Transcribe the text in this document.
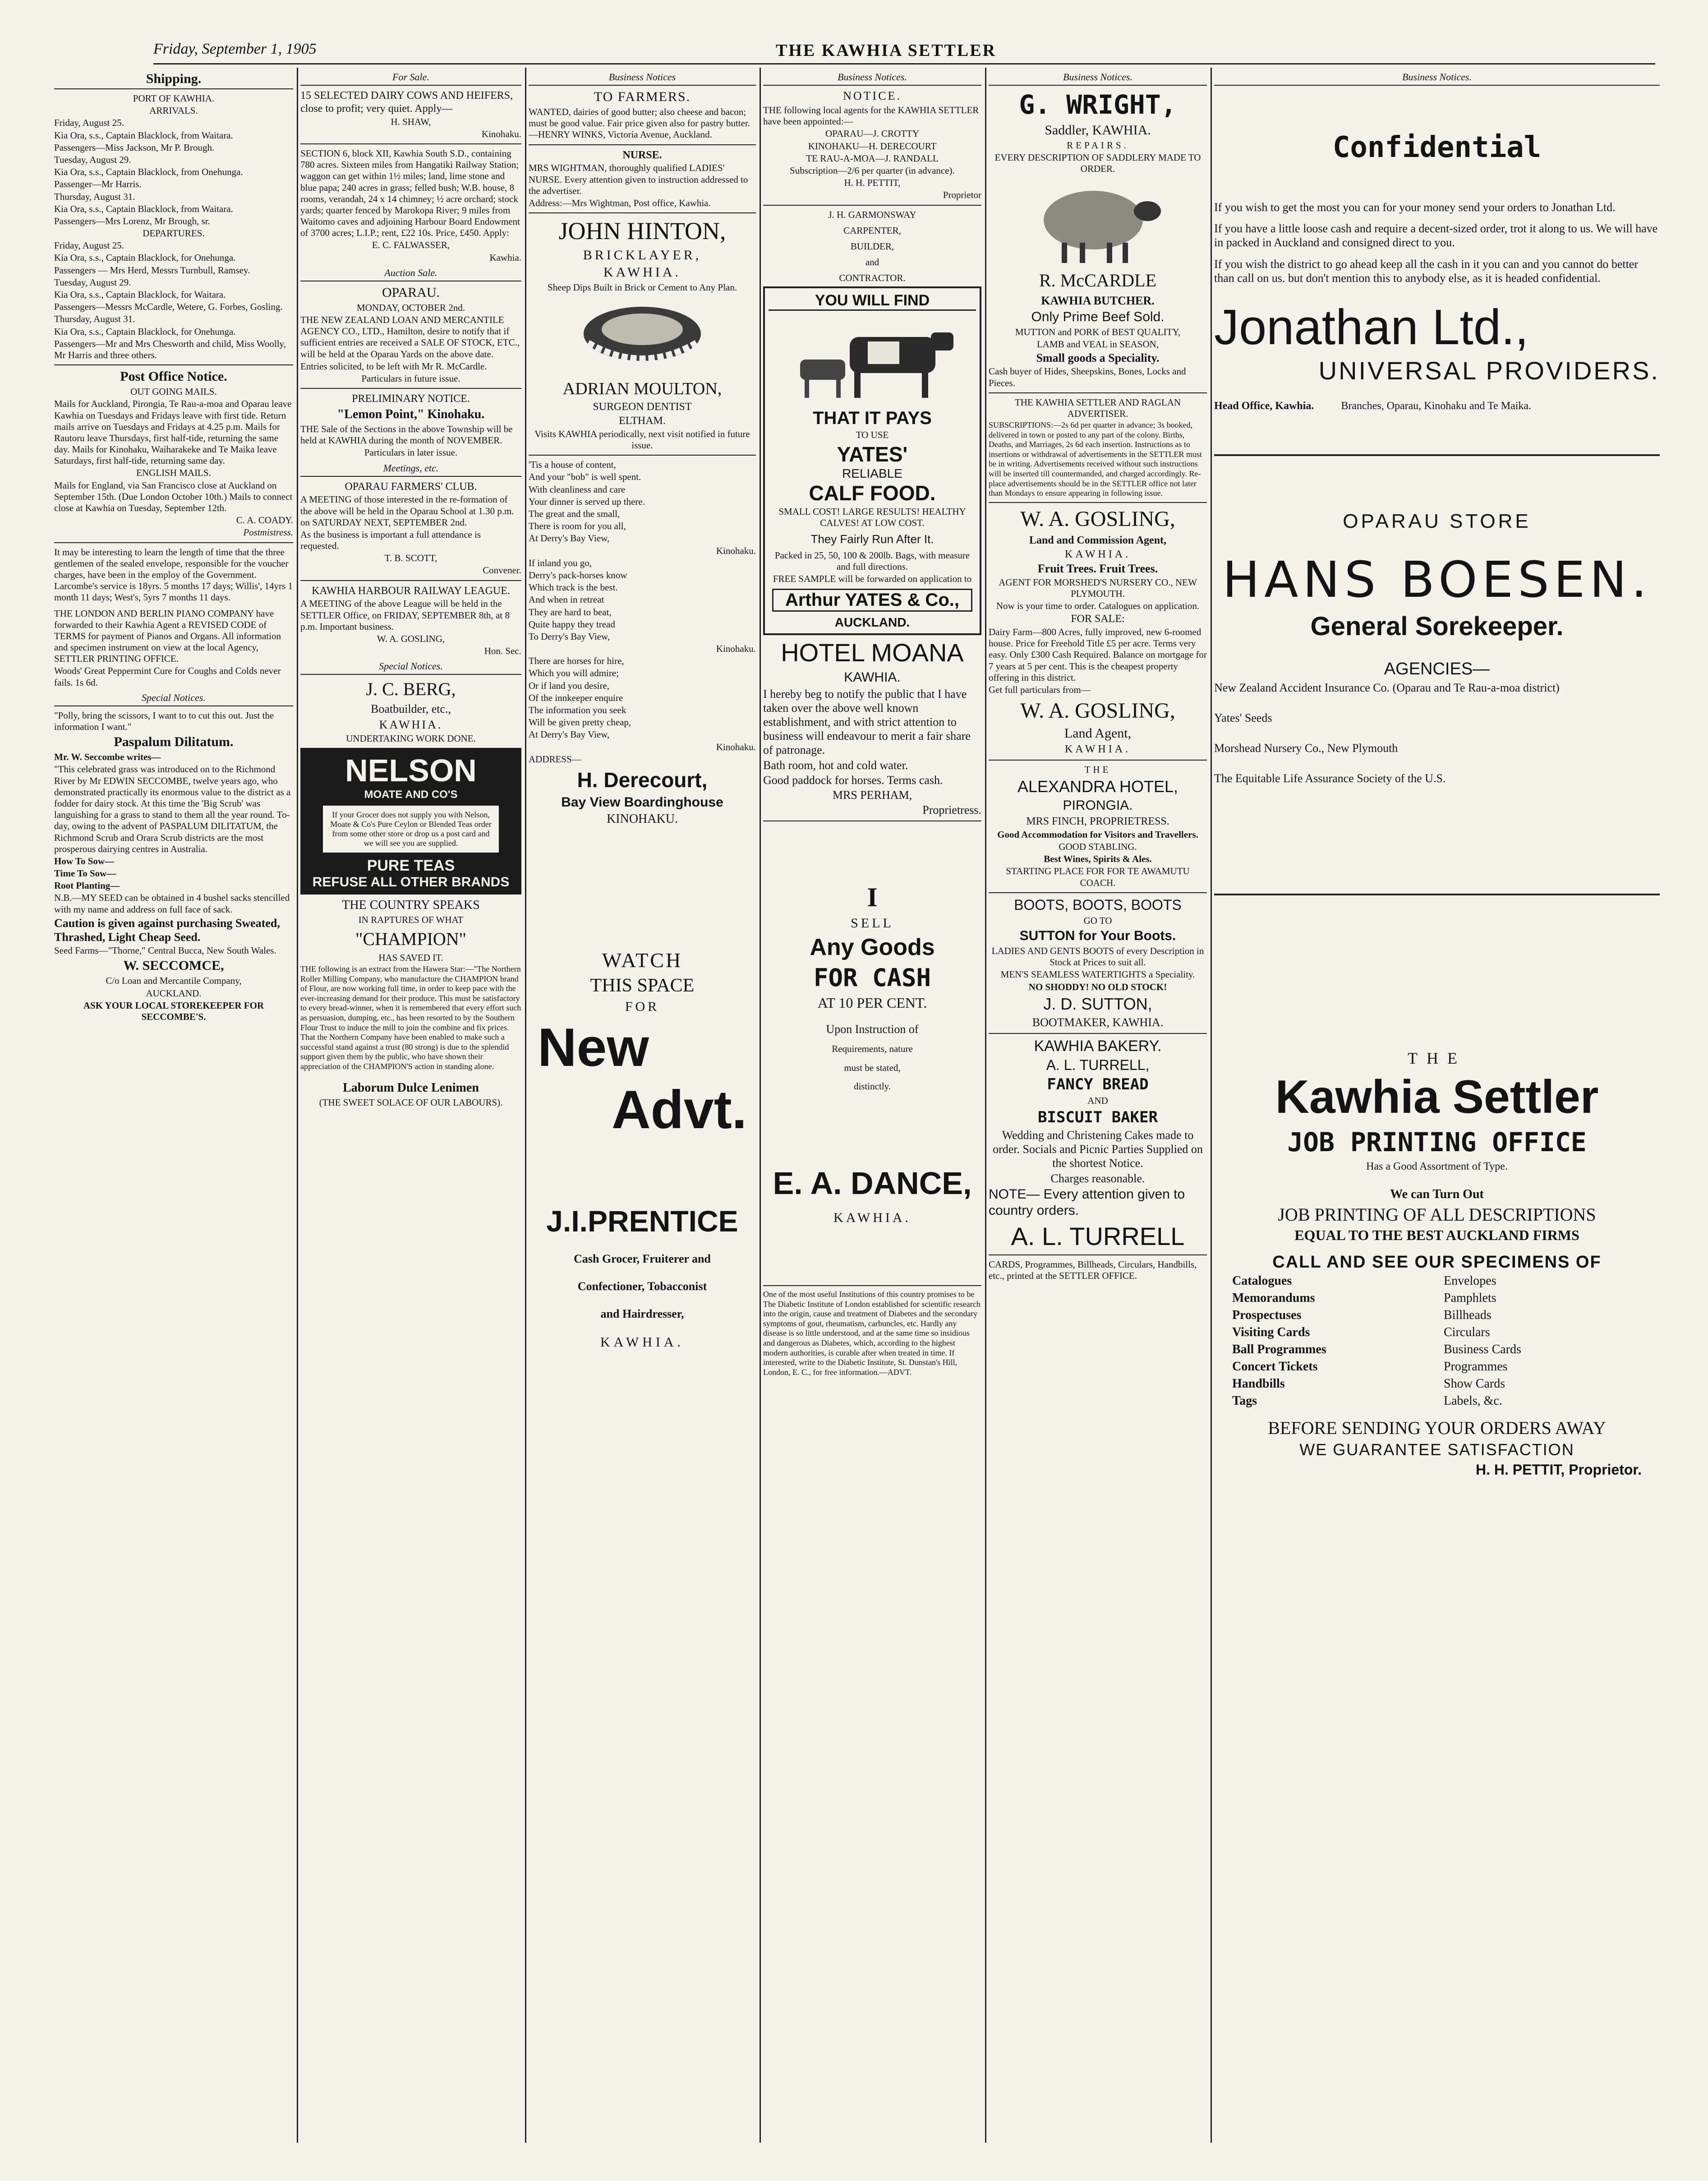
Friday, September 1, 1905	THE KAWHIA SETTLER
Shipping.
PORT OF KAWHIA.
ARRIVALS.
Friday, August 25.
Kia Ora, s.s., Captain Blacklock, from Waitara.
Passengers—Miss Jackson, Mr P. Brough.
Tuesday, August 29.
Kia Ora, s.s., Captain Blacklock, from Onehunga.
Passenger—Mr Harris.
Thursday, August 31.
Kia Ora, s.s., Captain Blacklock, from Waitara.
Passengers—Mrs Lorenz, Mr Brough, sr.
DEPARTURES.
Friday, August 25.
Kia Ora, s.s., Captain Blacklock, for Onehunga.
Passengers — Mrs Herd, Messrs Turnbull, Ramsey.
Tuesday, August 29.
Kia Ora, s.s., Captain Blacklock, for Waitara.
Passengers—Messrs McCardle, Wetere, G. Forbes, Gosling.
Thursday, August 31.
Kia Ora, s.s., Captain Blacklock, for Onehunga.
Passengers—Mr and Mrs Chesworth and child, Miss Woolly, Mr Harris and three others.
Post Office Notice.
OUT GOING MAILS.
Mails for Auckland, Pirongia, Te Rau-a-moa and Oparau leave Kawhia on Tuesdays and Fridays leave with first tide. Return mails arrive on Tuesdays and Fridays at 4.25 p.m. Mails for Rautoru leave Thursdays, first half-tide, returning the same day. Mails for Kinohaku, Waiharakeke and Te Maika leave Saturdays, first half-tide, returning same day.
ENGLISH MAILS.
Mails for England, via San Francisco close at Auckland on September 15th. (Due London October 10th.) Mails to connect close at Kawhia on Tuesday, September 12th.
C. A. COADY.
Postmistress.
It may be interesting to learn the length of time that the three gentlemen of the sealed envelope, responsible for the voucher charges, have been in the employ of the Government. Larcombe's service is 18yrs. 5 months 17 days; Willis', 14yrs 1 month 11 days; West's, 5yrs 7 months 11 days.
THE LONDON AND BERLIN PIANO COMPANY have forwarded to their Kawhia Agent a REVISED CODE of TERMS for payment of Pianos and Organs. All information and specimen instrument on view at the local Agency, SETTLER PRINTING OFFICE.
Woods' Great Peppermint Cure for Coughs and Colds never fails. 1s 6d.
Special Notices.
"Polly, bring the scissors, I want to to cut this out. Just the information I want."
Paspalum Dilitatum.
Mr. W. Seccombe writes—
"This celebrated grass was introduced on to the Richmond River by Mr EDWIN SECCOMBE, twelve years ago, who demonstrated practically its enormous value to the district as a fodder for dairy stock. At this time the 'Big Scrub' was languishing for a grass to stand to them all the year round. To-day, owing to the advent of PASPALUM DILITATUM, the Richmond Scrub and Orara Scrub districts are the most prosperous dairying centres in Australia.
How To Sow—
Time To Sow—
Root Planting—
N.B.—MY SEED can be obtained in 4 bushel sacks stencilled with my name and address on full face of sack.
Caution is given against purchasing Sweated, Thrashed, Light Cheap Seed.
Seed Farms—"Thorne," Central Bucca, New South Wales.
W. SECCOMCE,
C/o Loan and Mercantile Company,
AUCKLAND.
ASK YOUR LOCAL STOREKEEPER FOR SECCOMBE'S.
For Sale.
15 SELECTED DAIRY COWS AND HEIFERS, close to profit; very quiet. Apply—
H. SHAW,
Kinohaku.
SECTION 6, block XII, Kawhia South S.D., containing 780 acres. Sixteen miles from Hangatiki Railway Station; waggon can get within 1½ miles; land, lime stone and blue papa; 240 acres in grass; felled bush; W.B. house, 8 rooms, verandah, 24 x 14 chimney; ½ acre orchard; stock yards; quarter fenced by Marokopa River; 9 miles from Waitomo caves and adjoining Harbour Board Endowment of 3700 acres; L.I.P.; rent, £22 10s. Price, £450. Apply:
E. C. FALWASSER,
Kawhia.
Auction Sale.
OPARAU.
MONDAY, OCTOBER 2nd.
THE NEW ZEALAND LOAN AND MERCANTILE AGENCY CO., LTD., Hamilton, desire to notify that if sufficient entries are received a SALE OF STOCK, ETC., will be held at the Oparau Yards on the above date.
Entries solicited, to be left with Mr R. McCardle.
Particulars in future issue.
PRELIMINARY NOTICE.
"Lemon Point," Kinohaku.
THE Sale of the Sections in the above Township will be held at KAWHIA during the month of NOVEMBER.
Particulars in later issue.
Meetings, etc.
OPARAU FARMERS' CLUB.
A MEETING of those interested in the re-formation of the above will be held in the Oparau School at 1.30 p.m. on SATURDAY NEXT, SEPTEMBER 2nd.
As the business is important a full attendance is requested.
T. B. SCOTT,
Convener.
KAWHIA HARBOUR RAILWAY LEAGUE.
A MEETING of the above League will be held in the SETTLER Office, on FRIDAY, SEPTEMBER 8th, at 8 p.m. Important business.
W. A. GOSLING,
Hon. Sec.
Special Notices.
J. C. BERG,
Boatbuilder, etc.,
KAWHIA.
UNDERTAKING WORK DONE.
NELSON
MOATE AND CO'S
If your Grocer does not supply you with Nelson, Moate & Co's Pure Ceylon or Blended Teas order from some other store or drop us a post card and we will see you are supplied.
PURE TEAS
REFUSE ALL OTHER BRANDS
THE COUNTRY SPEAKS
IN RAPTURES OF WHAT
"CHAMPION"
HAS SAVED IT.
THE following is an extract from the Hawera Star:—"The Northern Roller Milling Company, who manufacture the CHAMPION brand of Flour, are now working full time, in order to keep pace with the ever-increasing demand for their produce. This must be satisfactory to every bread-winner, when it is remembered that every effort such as persuasion, dumping, etc., has been resorted to by the Southern Flour Trust to induce the mill to join the combine and fix prices. That the Northern Company have been enabled to make such a successful stand against a trust (80 strong) is due to the splendid support given them by the public, who have shown their appreciation of the CHAMPION'S action in standing alone.
Laborum Dulce Lenimen
(THE SWEET SOLACE OF OUR LABOURS).
Business Notices
TO FARMERS.
WANTED, dairies of good butter; also cheese and bacon; must be good value. Fair price given also for pastry butter.—HENRY WINKS, Victoria Avenue, Auckland.
NURSE.
MRS WIGHTMAN, thoroughly qualified LADIES' NURSE. Every attention given to instruction addressed to the advertiser.
Address:—Mrs Wightman, Post office, Kawhia.
JOHN HINTON,
BRICKLAYER,
KAWHIA.
Sheep Dips Built in Brick or Cement to Any Plan.
ADRIAN MOULTON,
SURGEON DENTIST
ELTHAM.
Visits KAWHIA periodically, next visit notified in future issue.
'Tis a house of content,
And your "bob" is well spent.
With cleanliness and care
Your dinner is served up there.
The great and the small,
There is room for you all,
At Derry's Bay View,
Kinohaku.
If inland you go,
Derry's pack-horses know
Which track is the best.
And when in retreat
They are hard to beat,
Quite happy they tread
To Derry's Bay View,
Kinohaku.
There are horses for hire,
Which you will admire;
Or if land you desire,
Of the innkeeper enquire
The information you seek
Will be given pretty cheap,
At Derry's Bay View,
Kinohaku.
ADDRESS—
H. Derecourt,
Bay View Boardinghouse
KINOHAKU.
WATCH
THIS SPACE
FOR
New
Advt.
J.I.PRENTICE
Cash Grocer, Fruiterer and
Confectioner, Tobacconist
and Hairdresser,
KAWHIA.
Business Notices.
NOTICE.
THE following local agents for the KAWHIA SETTLER have been appointed:—
OPARAU—J. CROTTY
KINOHAKU—H. DERECOURT
TE RAU-A-MOA—J. RANDALL
Subscription—2/6 per quarter (in advance).
H. H. PETTIT,
Proprietor
J. H. GARMONSWAY
CARPENTER,
BUILDER,
and
CONTRACTOR.
YOU WILL FIND
THAT IT PAYS
TO USE
YATES'
RELIABLE
CALF FOOD.
SMALL COST! LARGE RESULTS! HEALTHY CALVES! AT LOW COST.
They Fairly Run After It.
Packed in 25, 50, 100 & 200lb. Bags, with measure and full directions.
FREE SAMPLE will be forwarded on application to
Arthur YATES & Co.,
AUCKLAND.
HOTEL MOANA
KAWHIA.
I hereby beg to notify the public that I have taken over the above well known establishment, and with strict attention to business will endeavour to merit a fair share of patronage.
Bath room, hot and cold water.
Good paddock for horses. Terms cash.
MRS PERHAM,
Proprietress.
I
SELL
Any Goods
FOR CASH
AT 10 PER CENT.
Upon Instruction of
Requirements, nature
must be stated,
distinctly.
E. A. DANCE,
KAWHIA.
One of the most useful Institutions of this country promises to be The Diabetic Institute of London established for scientific research into the origin, cause and treatment of Diabetes and the secondary symptoms of gout, rheumatism, carbuncles, etc. Hardly any disease is so little understood, and at the same time so insidious and dangerous as Diabetes, which, according to the highest modern authorities, is curable after when treated in time. If interested, write to the Diabetic Institute, St. Dunstan's Hill, London, E. C., for free information.—ADVT.
Business Notices.
G. WRIGHT,
Saddler, KAWHIA.
REPAIRS.
EVERY DESCRIPTION OF SADDLERY MADE TO ORDER.
R. McCARDLE
KAWHIA BUTCHER.
Only Prime Beef Sold.
MUTTON and PORK of BEST QUALITY,
LAMB and VEAL in SEASON,
Small goods a Speciality.
Cash buyer of Hides, Sheepskins, Bones, Locks and Pieces.
THE KAWHIA SETTLER AND RAGLAN ADVERTISER.
SUBSCRIPTIONS:—2s 6d per quarter in advance; 3s booked, delivered in town or posted to any part of the colony. Births, Deaths, and Marriages, 2s 6d each insertion. Instructions as to insertions or withdrawal of advertisements in the SETTLER must be in writing. Advertisements received without such instructions will be inserted till countermanded, and charged accordingly. Re-place advertisements should be in the SETTLER office not later than Mondays to ensure appearing in following issue.
W. A. GOSLING,
Land and Commission Agent,
KAWHIA.
Fruit Trees. Fruit Trees.
AGENT FOR MORSHED'S NURSERY CO., NEW PLYMOUTH.
Now is your time to order. Catalogues on application.
FOR SALE:
Dairy Farm—800 Acres, fully improved, new 6-roomed house. Price for Freehold Title £5 per acre. Terms very easy. Only £300 Cash Required. Balance on mortgage for 7 years at 5 per cent. This is the cheapest property offering in this district.
Get full particulars from—
W. A. GOSLING,
Land Agent,
KAWHIA.
THE
ALEXANDRA HOTEL,
PIRONGIA.
MRS FINCH, PROPRIETRESS.
Good Accommodation for Visitors and Travellers.
GOOD STABLING.
Best Wines, Spirits & Ales.
STARTING PLACE FOR FOR TE AWAMUTU COACH.
BOOTS, BOOTS, BOOTS
GO TO
SUTTON for Your Boots.
LADIES AND GENTS BOOTS of every Description in Stock at Prices to suit all.
MEN'S SEAMLESS WATERTIGHTS a Speciality.
NO SHODDY! NO OLD STOCK!
J. D. SUTTON,
BOOTMAKER, KAWHIA.
KAWHIA BAKERY.
A. L. TURRELL,
FANCY BREAD
AND
BISCUIT BAKER
Wedding and Christening Cakes made to order. Socials and Picnic Parties Supplied on the shortest Notice.
Charges reasonable.
NOTE— Every attention given to country orders.
A. L. TURRELL
CARDS, Programmes, Billheads, Circulars, Handbills, etc., printed at the SETTLER OFFICE.
Business Notices.
Confidential
If you wish to get the most you can for your money send your orders to Jonathan Ltd.
If you have a little loose cash and require a decent-sized order, trot it along to us. We will have in packed in Auckland and consigned direct to you.
If you wish the district to go ahead keep all the cash in it you can and you cannot do better than call on us. but don't mention this to anybody else, as it is headed confidential.
Jonathan Ltd.,
UNIVERSAL PROVIDERS.
Head Office, Kawhia.	Branches, Oparau, Kinohaku and Te Maika.
OPARAU STORE
HANS BOESEN.
General Sorekeeper.
AGENCIES—
New Zealand Accident Insurance Co. (Oparau and Te Rau-a-moa district)
Yates' Seeds
Morshead Nursery Co., New Plymouth
The Equitable Life Assurance Society of the U.S.
THE
Kawhia Settler
JOB PRINTING OFFICE
Has a Good Assortment of Type.
We can Turn Out
JOB PRINTING OF ALL DESCRIPTIONS
EQUAL TO THE BEST AUCKLAND FIRMS
CALL AND SEE OUR SPECIMENS OF
Catalogues	Envelopes
Memorandums	Pamphlets
Prospectuses	Billheads
Visiting Cards	Circulars
Ball Programmes	Business Cards
Concert Tickets	Programmes
Handbills	Show Cards
Tags	Labels, &c.
BEFORE SENDING YOUR ORDERS AWAY
WE GUARANTEE SATISFACTION
H. H. PETTIT, Proprietor.
